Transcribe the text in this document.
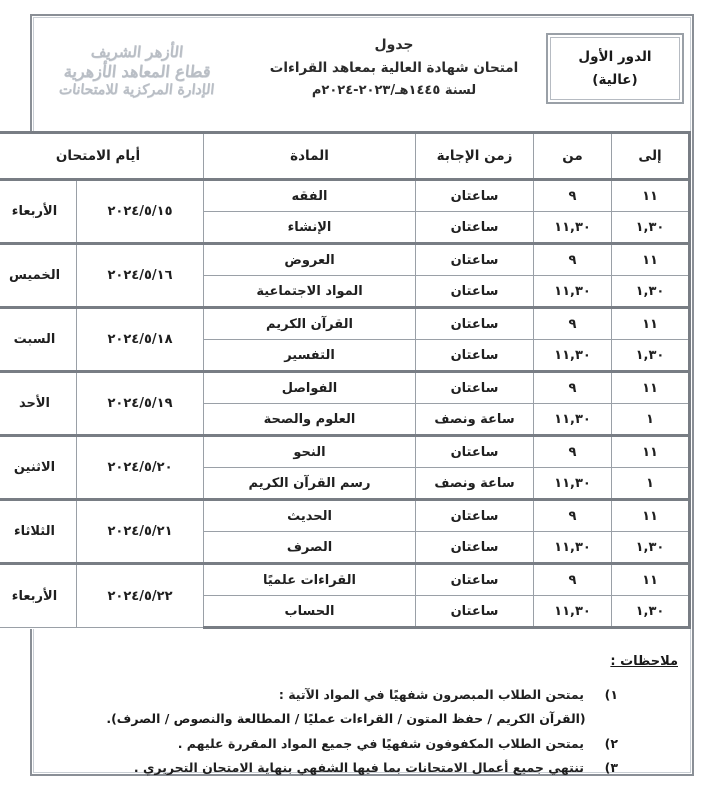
الأزهر الشريف
قطاع المعاهد الأزهرية
الإدارة المركزية للامتحانات
جدول
امتحان شهادة العالية بمعاهد القراءات
لسنة ١٤٤٥هـ/٢٠٢٣-٢٠٢٤م
الدور الأول
(عالية)
إلى	من	زمن الإجابة	المادة	أيام الامتحان	
١١	٩	ساعتان	الفقه	٢٠٢٤/٥/١٥	الأربعاء
١,٣٠	١١,٣٠	ساعتان	الإنشاء		
١١	٩	ساعتان	العروض	٢٠٢٤/٥/١٦	الخميس
١,٣٠	١١,٣٠	ساعتان	المواد الاجتماعية		
١١	٩	ساعتان	القرآن الكريم	٢٠٢٤/٥/١٨	السبت
١,٣٠	١١,٣٠	ساعتان	التفسير		
١١	٩	ساعتان	الفواصل	٢٠٢٤/٥/١٩	الأحد
١	١١,٣٠	ساعة ونصف	العلوم والصحة		
١١	٩	ساعتان	النحو	٢٠٢٤/٥/٢٠	الاثنين
١	١١,٣٠	ساعة ونصف	رسم القرآن الكريم		
١١	٩	ساعتان	الحديث	٢٠٢٤/٥/٢١	الثلاثاء
١,٣٠	١١,٣٠	ساعتان	الصرف		
١١	٩	ساعتان	القراءات علميًا	٢٠٢٤/٥/٢٢	الأربعاء
١,٣٠	١١,٣٠	ساعتان	الحساب		
ملاحظات :
١)
يمتحن الطلاب المبصرون شفهيًا في المواد الآتية :
(القرآن الكريم / حفظ المتون / القراءات عمليًا / المطالعة والنصوص / الصرف).
٢)
يمتحن الطلاب المكفوفون شفهيًا في جميع المواد المقررة عليهم .
٣)
تنتهي جميع أعمال الامتحانات بما فيها الشفهي بنهاية الامتحان التحريري .
